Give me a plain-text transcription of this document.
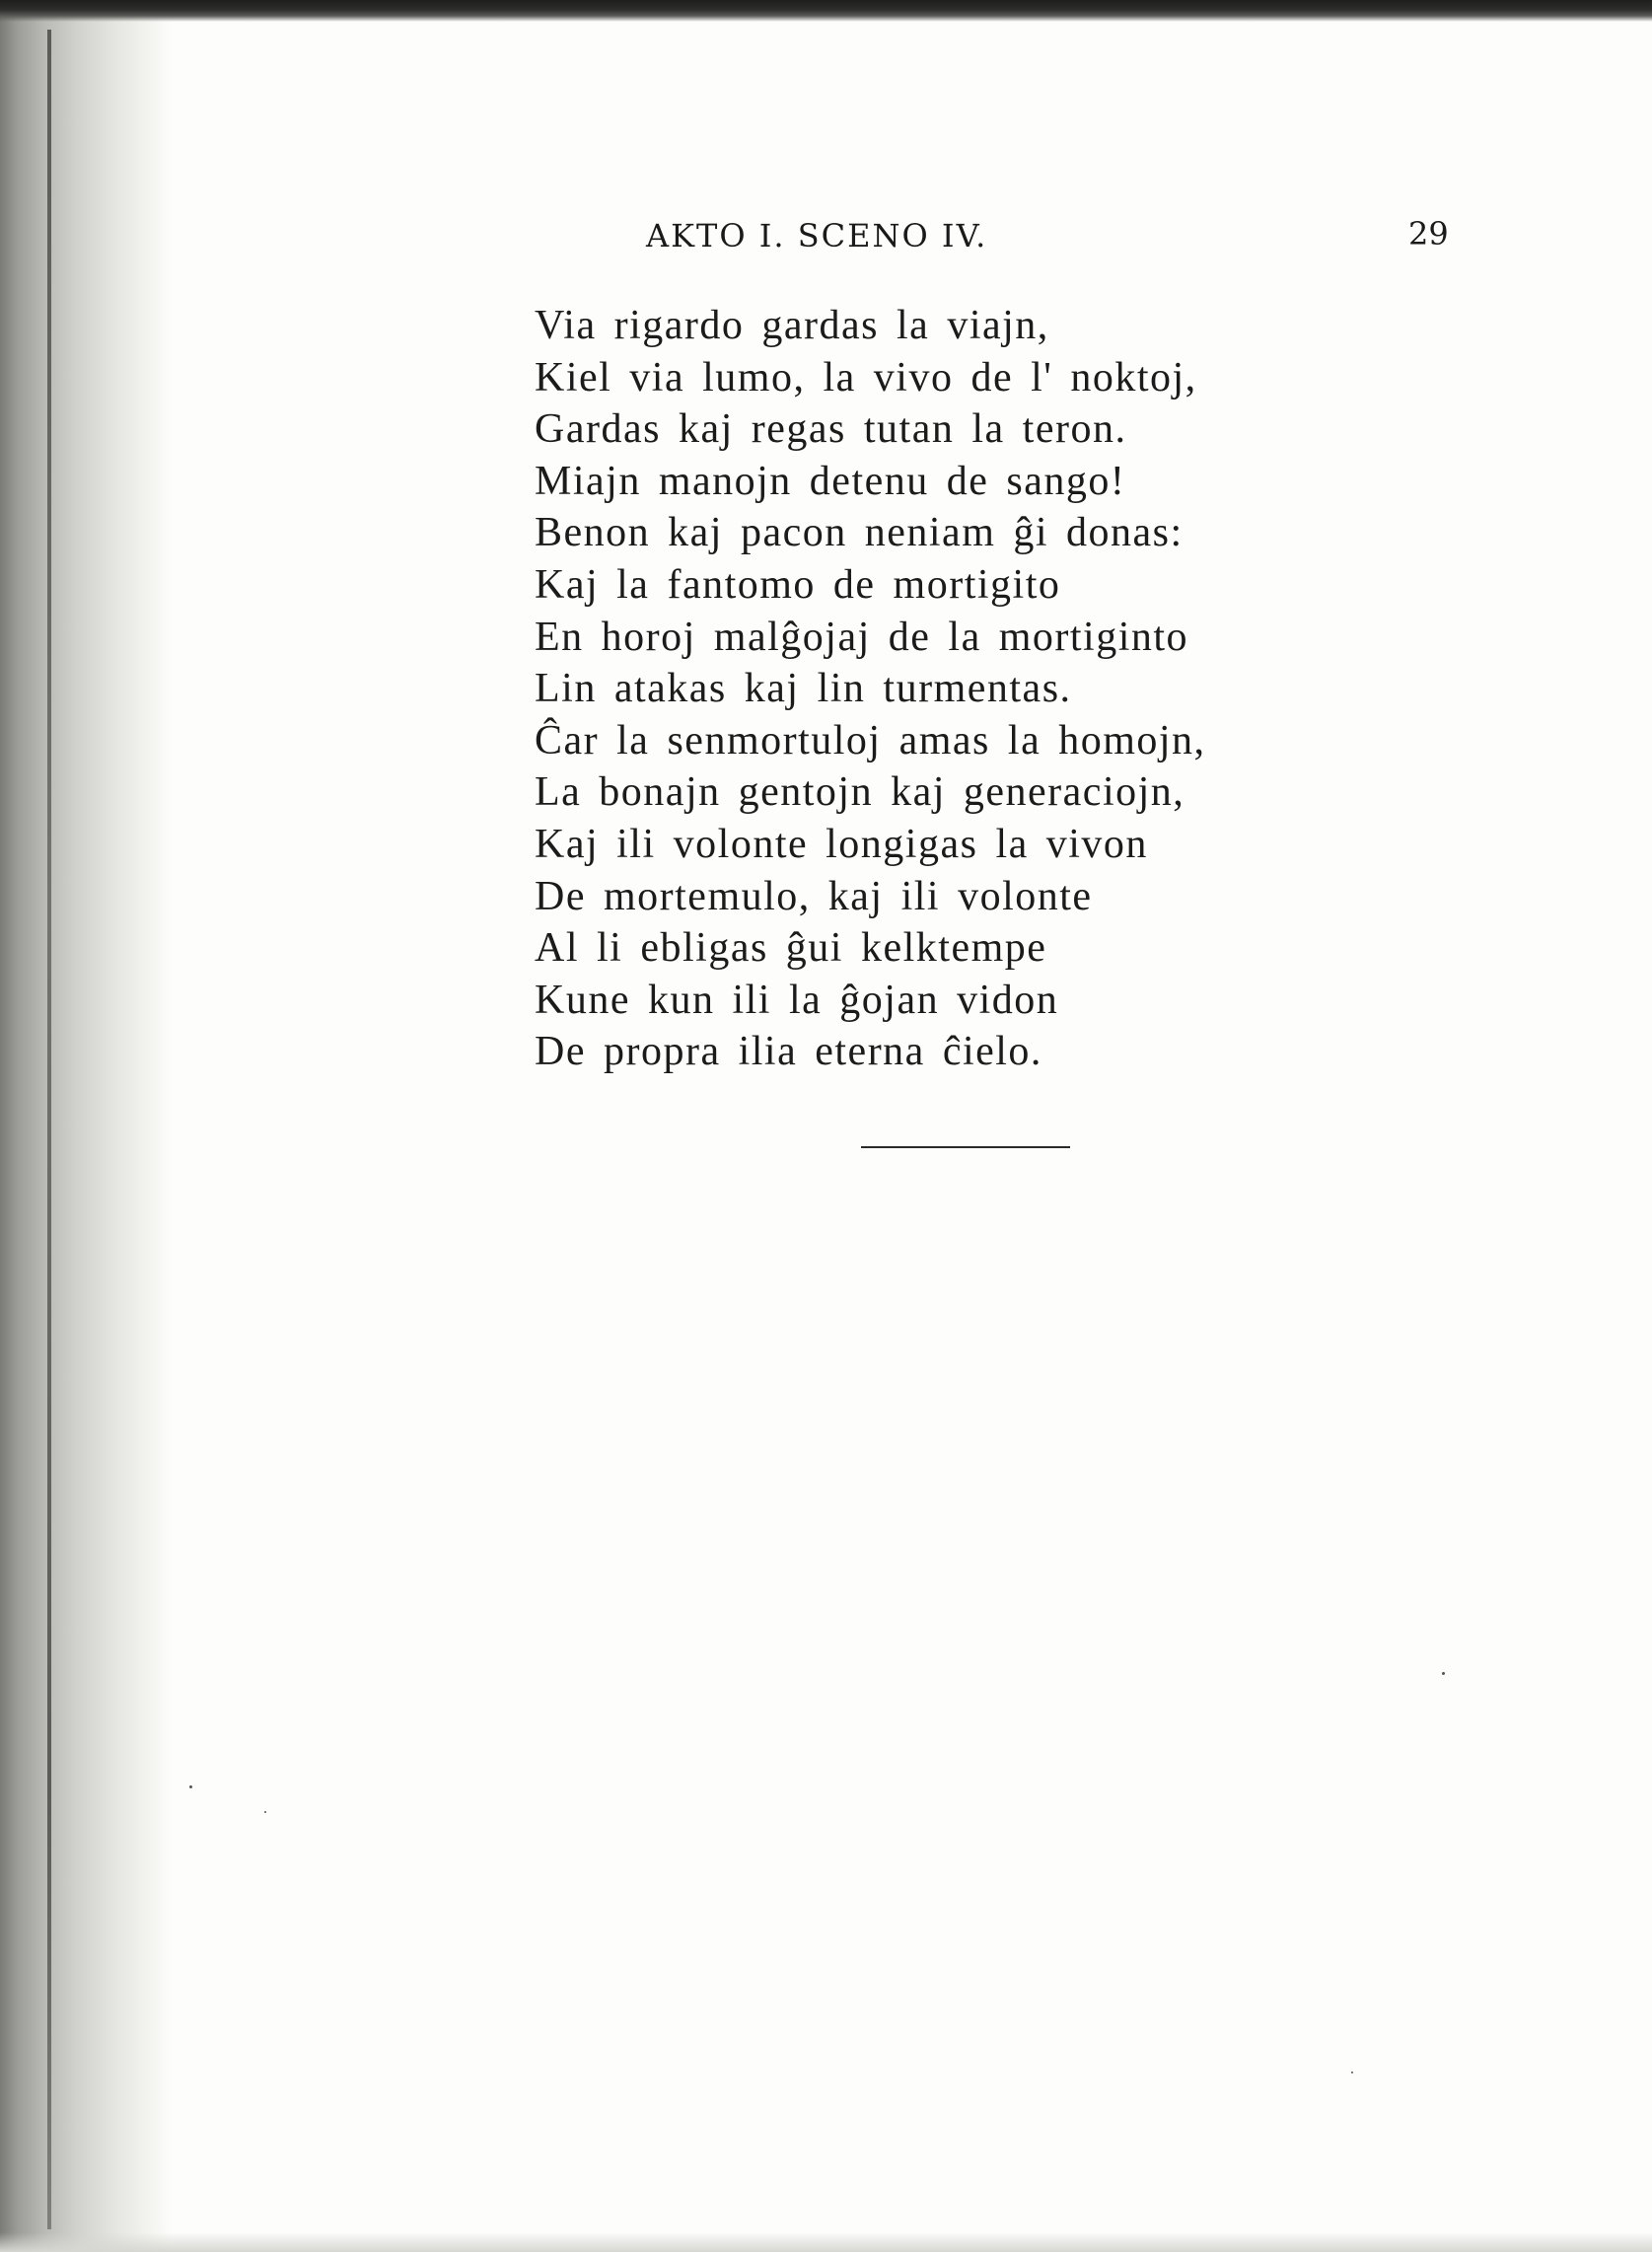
AKTO I. SCENO IV.	29
Via rigardo gardas la viajn,
Kiel via lumo, la vivo de l' noktoj,
Gardas kaj regas tutan la teron.
Miajn manojn detenu de sango!
Benon kaj pacon neniam ĝi donas:
Kaj la fantomo de mortigito
En horoj malĝojaj de la mortiginto
Lin atakas kaj lin turmentas.
Ĉar la senmortuloj amas la homojn,
La bonajn gentojn kaj generaciojn,
Kaj ili volonte longigas la vivon
De mortemulo, kaj ili volonte
Al li ebligas ĝui kelktempe
Kune kun ili la ĝojan vidon
De propra ilia eterna ĉielo.
